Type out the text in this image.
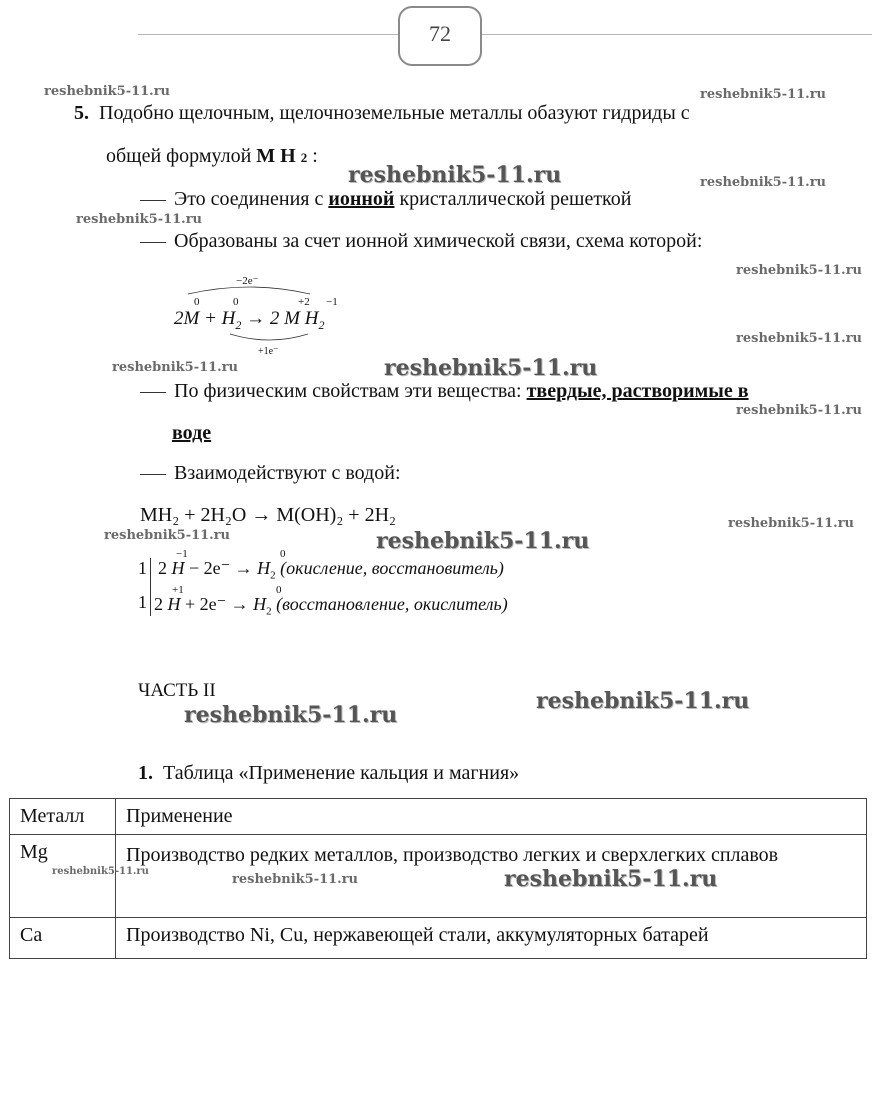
72
reshebnik5-11.ru	reshebnik5-11.ru
reshebnik5-11.ru	reshebnik5-11.ru
reshebnik5-11.ru
reshebnik5-11.ru
reshebnik5-11.ru
reshebnik5-11.ru	reshebnik5-11.ru
reshebnik5-11.ru
reshebnik5-11.ru
reshebnik5-11.ru	reshebnik5-11.ru
reshebnik5-11.ru
reshebnik5-11.ru
5. Подобно щелочным, щелочноземельные металлы обазуют гидриды с
общей формулой M H 2 :
Это соединения с ионной кристаллической решеткой
Образованы за счет ионной химической связи, схема которой:
−2e⁻
0	0	+2 −1
$2M + H_2 \to 2$ M $H_2$
+1e⁻
По физическим свойствам эти вещества: твердые, растворимые в
воде
Взаимодействуют с водой:
MH₂ + 2H₂O → M(OH)₂ + 2H₂
1
−1	0
2 $H - 2e^- \to H_2$ (окисление, восстановитель)
1
+1	0
2 $H + 2e^- \to H_2$ (восстановление, окислитель)
ЧАСТЬ II
1. Таблица «Применение кальция и магния»
Металл	Применение
Mg	Производство редких металлов, производство легких и сверхлегких сплавов
Ca	Производство Ni, Cu, нержавеющей стали, аккумуляторных батарей
reshebnik5-11.ru
reshebnik5-11.ru	reshebnik5-11.ru
